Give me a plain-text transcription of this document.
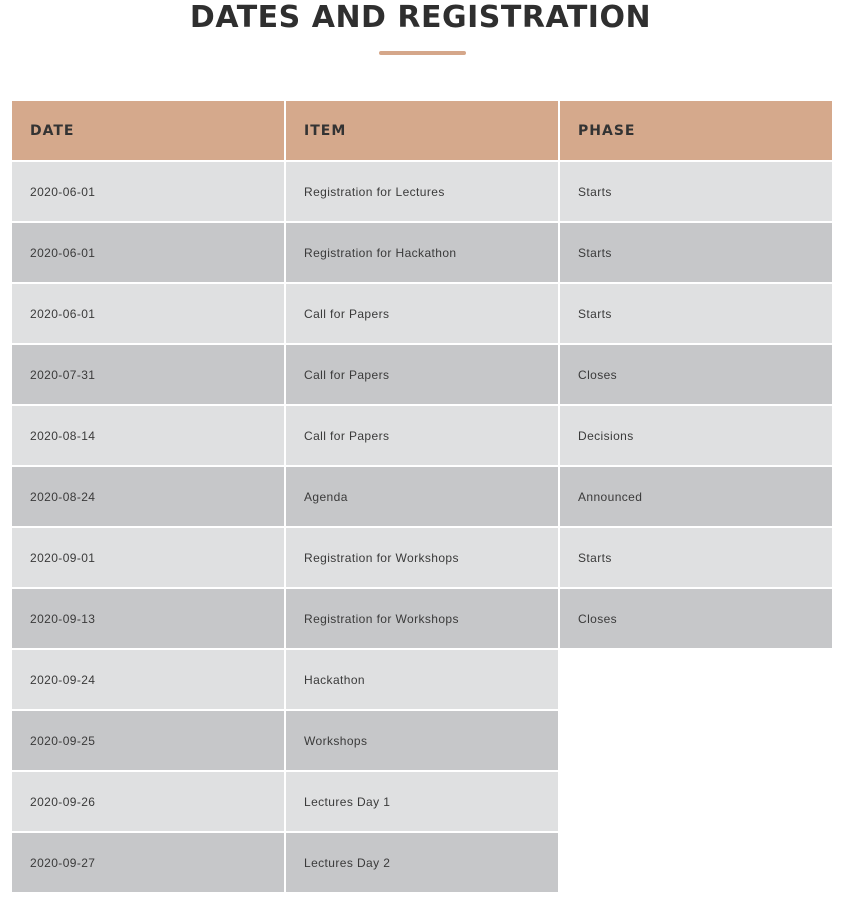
DATES AND REGISTRATION
DATE	ITEM	PHASE
2020-06-01	Registration for Lectures	Starts
2020-06-01	Registration for Hackathon	Starts
2020-06-01	Call for Papers	Starts
2020-07-31	Call for Papers	Closes
2020-08-14	Call for Papers	Decisions
2020-08-24	Agenda	Announced
2020-09-01	Registration for Workshops	Starts
2020-09-13	Registration for Workshops	Closes
2020-09-24	Hackathon
2020-09-25	Workshops
2020-09-26	Lectures Day 1
2020-09-27	Lectures Day 2
